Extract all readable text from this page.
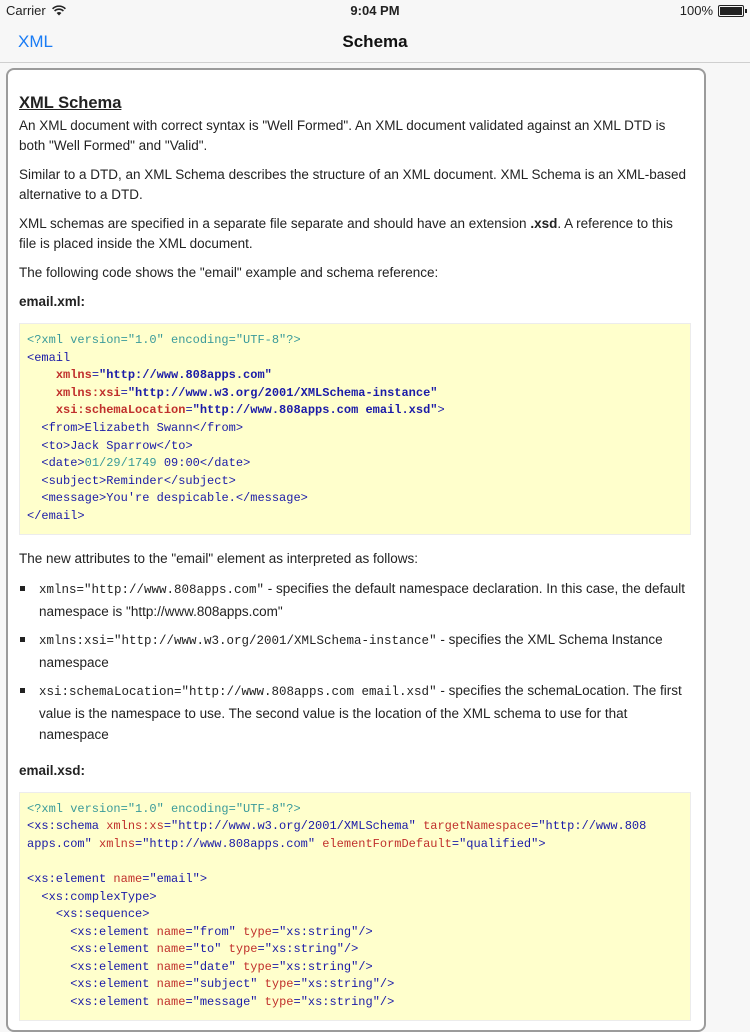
Carrier	9:04 PM	100%
XML	Schema
XML Schema

An XML document with correct syntax is "Well Formed". An XML document validated against an XML DTD is both "Well Formed" and "Valid".

Similar to a DTD, an XML Schema describes the structure of an XML document. XML Schema is an XML-based alternative to a DTD.

XML schemas are specified in a separate file separate and should have an extension .xsd. A reference to this file is placed inside the XML document.

The following code shows the "email" example and schema reference:

email.xml:

<?xml version="1.0" encoding="UTF-8"?>
<email
xmlns="http://www.808apps.com"
xmlns:xsi="http://www.w3.org/2001/XMLSchema-instance"
xsi:schemaLocation="http://www.808apps.com email.xsd">
<from>Elizabeth Swann</from>
<to>Jack Sparrow</to>
<date>01/29/1749 09:00</date>
<subject>Reminder</subject>
<message>You're despicable.</message>
</email>

The new attributes to the "email" element as interpreted as follows:

xmlns="http://www.808apps.com" - specifies the default namespace declaration. In this case, the default namespace is "http://www.808apps.com"
xmlns:xsi="http://www.w3.org/2001/XMLSchema-instance" - specifies the XML Schema Instance namespace
xsi:schemaLocation="http://www.808apps.com email.xsd" - specifies the schemaLocation. The first value is the namespace to use. The second value is the location of the XML schema to use for that namespace

email.xsd:

<?xml version="1.0" encoding="UTF-8"?>
<xs:schema xmlns:xs="http://www.w3.org/2001/XMLSchema" targetNamespace="http://www.808
apps.com" xmlns="http://www.808apps.com" elementFormDefault="qualified">

<xs:element name="email">
<xs:complexType>
<xs:sequence>
<xs:element name="from" type="xs:string"/>
<xs:element name="to" type="xs:string"/>
<xs:element name="date" type="xs:string"/>
<xs:element name="subject" type="xs:string"/>
<xs:element name="message" type="xs:string"/>
